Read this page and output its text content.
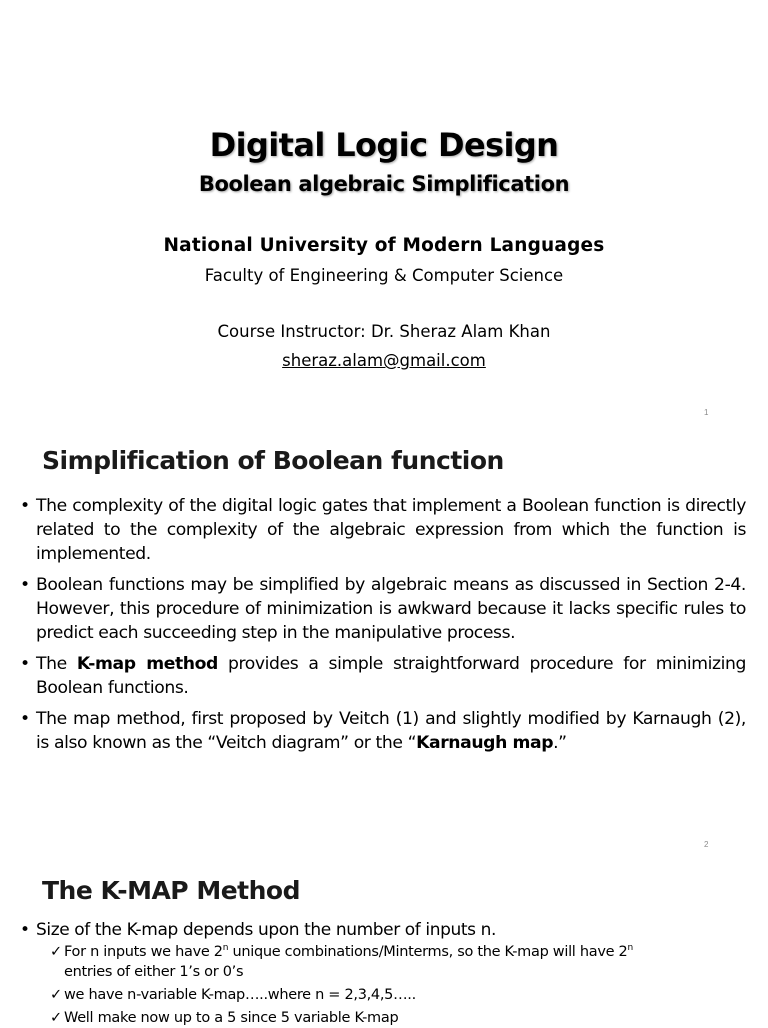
Digital Logic Design
Boolean algebraic Simplification
National University of Modern Languages
Faculty of Engineering & Computer Science
Course Instructor: Dr. Sheraz Alam Khan
sheraz.alam@gmail.com
1
Simplification of Boolean function
• The complexity of the digital logic gates that implement a Boolean function is directly related to the complexity of the algebraic expression from which the function is implemented.
• Boolean functions may be simplified by algebraic means as discussed in Section 2-4. However, this procedure of minimization is awkward because it lacks specific rules to predict each succeeding step in the manipulative process.
• The K-map method provides a simple straightforward procedure for minimizing Boolean functions.
• The map method, first proposed by Veitch (1) and slightly modified by Karnaugh (2), is also known as the “Veitch diagram” or the “Karnaugh map.”
2
The K-MAP Method
• Size of the K-map depends upon the number of inputs n.
✓ For n inputs we have 2$^n$ unique combinations/Minterms, so the K-map will have 2$^n$
entries of either 1’s or 0’s
✓ we have n-variable K-map…..where n = 2,3,4,5…..
✓ Well make now up to a 5 since 5 variable K-map
